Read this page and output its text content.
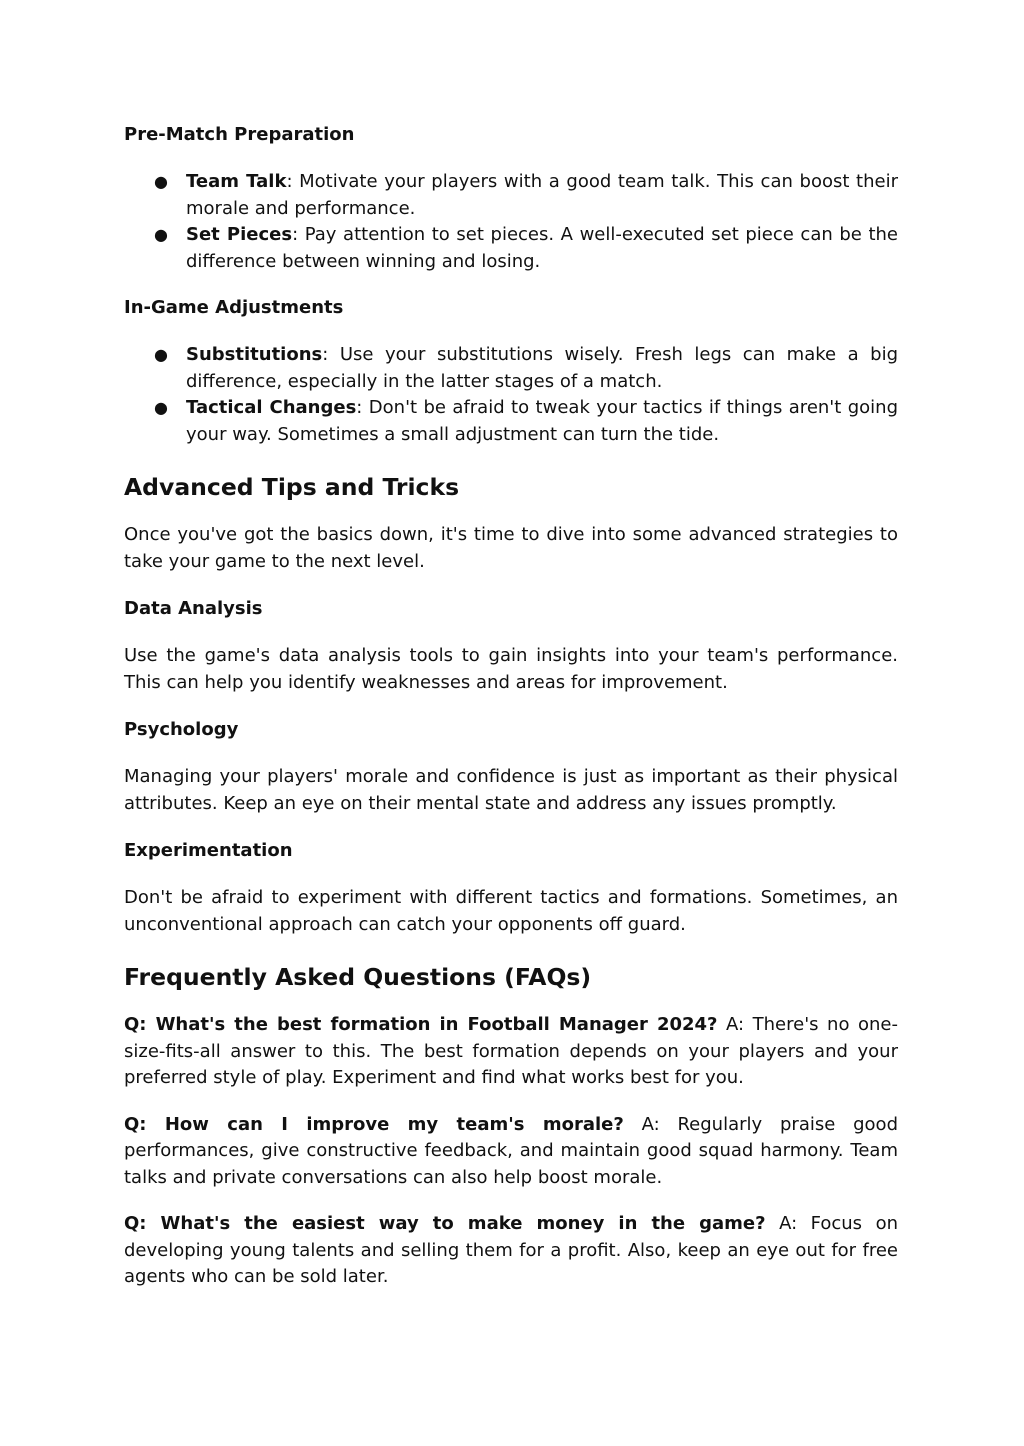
Pre-Match Preparation
● Team Talk: Motivate your players with a good team talk. This can boost their morale and performance.
● Set Pieces: Pay attention to set pieces. A well-executed set piece can be the difference between winning and losing.
In-Game Adjustments
● Substitutions: Use your substitutions wisely. Fresh legs can make a big difference, especially in the latter stages of a match.
● Tactical Changes: Don't be afraid to tweak your tactics if things aren't going your way. Sometimes a small adjustment can turn the tide.
Advanced Tips and Tricks

Once you've got the basics down, it's time to dive into some advanced strategies to take your game to the next level.

Data Analysis

Use the game's data analysis tools to gain insights into your team's performance. This can help you identify weaknesses and areas for improvement.

Psychology

Managing your players' morale and confidence is just as important as their physical attributes. Keep an eye on their mental state and address any issues promptly.

Experimentation

Don't be afraid to experiment with different tactics and formations. Sometimes, an unconventional approach can catch your opponents off guard.

Frequently Asked Questions (FAQs)

Q: What's the best formation in Football Manager 2024? A: There's no one-size-fits-all answer to this. The best formation depends on your players and your preferred style of play. Experiment and find what works best for you.

Q: How can I improve my team's morale? A: Regularly praise good performances, give constructive feedback, and maintain good squad harmony. Team talks and private conversations can also help boost morale.

Q: What's the easiest way to make money in the game? A: Focus on developing young talents and selling them for a profit. Also, keep an eye out for free agents who can be sold later.
